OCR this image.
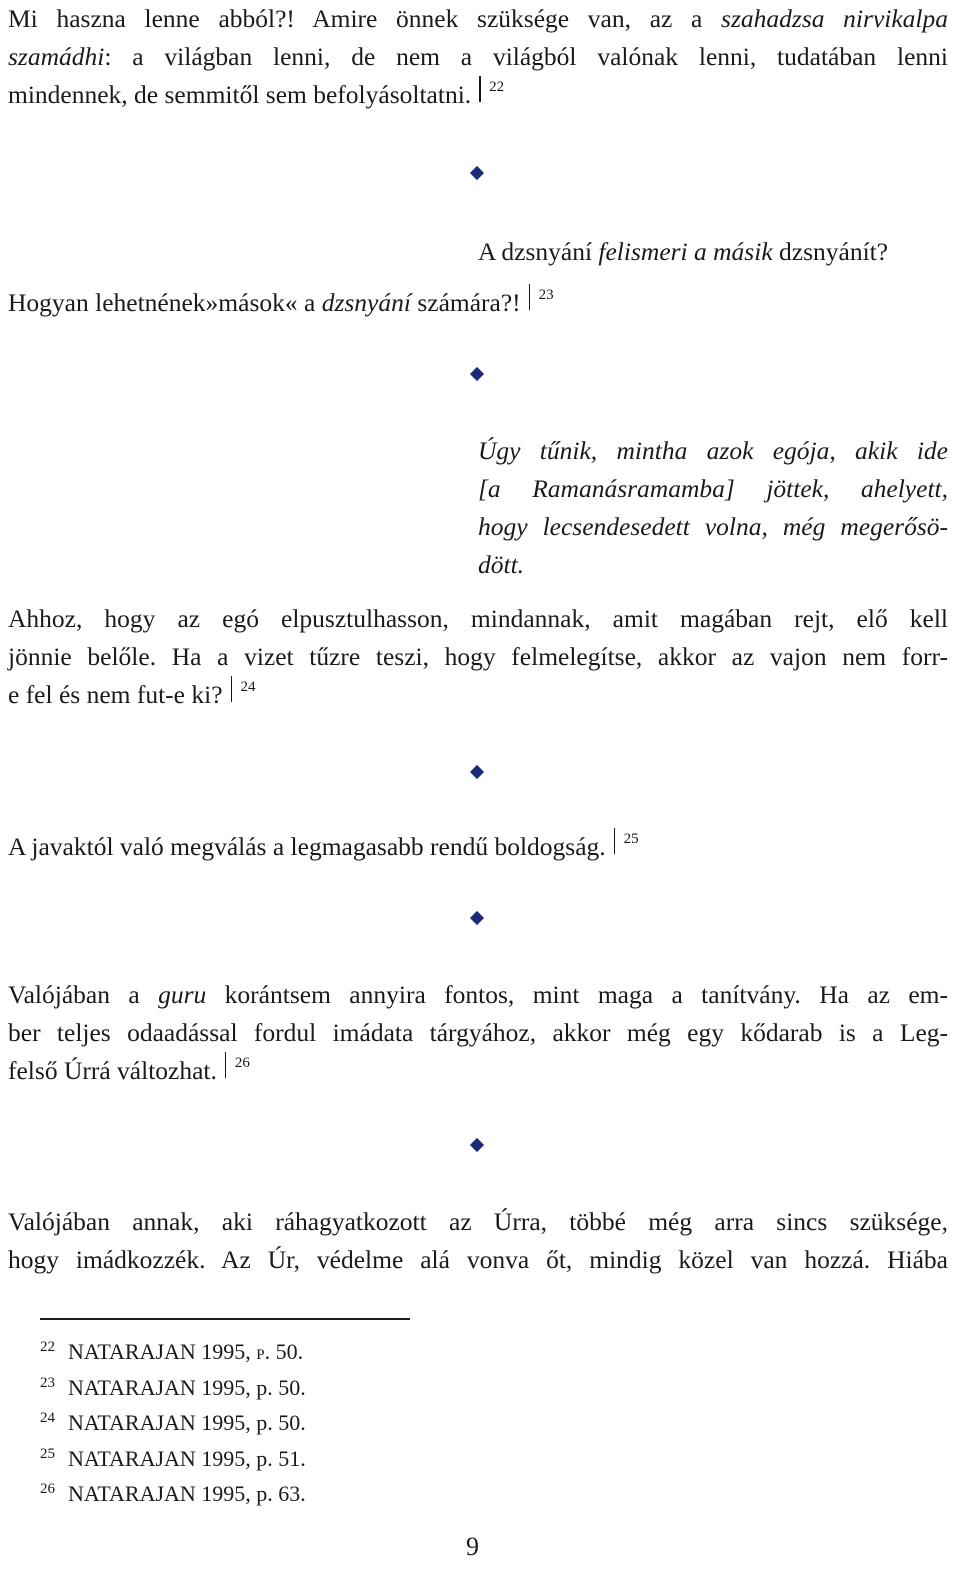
Mi haszna lenne abból?! Amire önnek szüksége van, az a szahadzsa nirvikalpa
szamádhi: a világban lenni, de nem a világból valónak lenni, tudatában lenni
mindennek, de semmitől sem befolyásoltatni. 22
A dzsnyání felismeri a másik dzsnyánít?
Hogyan lehetnének»mások« a dzsnyání számára?! 23
Úgy tűnik, mintha azok egója, akik ide
[a Ramanásramamba] jöttek, ahelyett,
hogy lecsendesedett volna, még megerősö-
dött.
Ahhoz, hogy az egó elpusztulhasson, mindannak, amit magában rejt, elő kell
jönnie belőle. Ha a vizet tűzre teszi, hogy felmelegítse, akkor az vajon nem forr-
e fel és nem fut-e ki? 24
A javaktól való megválás a legmagasabb rendű boldogság. 25
Valójában a guru korántsem annyira fontos, mint maga a tanítvány. Ha az em-
ber teljes odaadással fordul imádata tárgyához, akkor még egy kődarab is a Leg-
felső Úrrá változhat. 26
Valójában annak, aki ráhagyatkozott az Úrra, többé még arra sincs szüksége,
hogy imádkozzék. Az Úr, védelme alá vonva őt, mindig közel van hozzá. Hiába
22 NATARAJAN 1995, p. 50.
23 NATARAJAN 1995, p. 50.
24 NATARAJAN 1995, p. 50.
25 NATARAJAN 1995, p. 51.
26 NATARAJAN 1995, p. 63.
9
